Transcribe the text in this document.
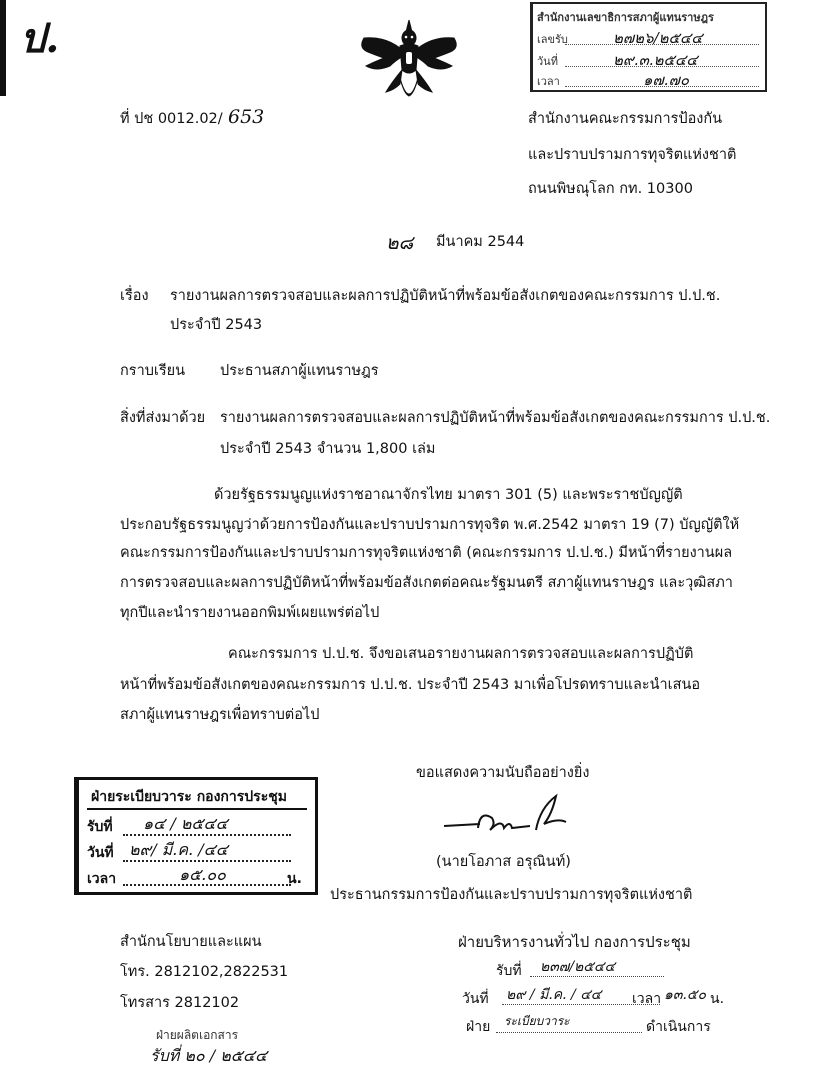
ป.	สำนักงานเลขาธิการสภาผู้แทนราษฎร
เลขรับ	๒๗๒๖/๒๕๔๔
วันที่	๒๙.๓.๒๕๔๔
เวลา	๑๗.๗๐
ที่ ปช 0012.02/ 653	สำนักงานคณะกรรมการป้องกัน
และปราบปรามการทุจริตแห่งชาติ
ถนนพิษณุโลก กท. 10300
๒๘ มีนาคม 2544
เรื่อง รายงานผลการตรวจสอบและผลการปฏิบัติหน้าที่พร้อมข้อสังเกตของคณะกรรมการ ป.ป.ช.
ประจำปี 2543
กราบเรียน ประธานสภาผู้แทนราษฎร
สิ่งที่ส่งมาด้วย รายงานผลการตรวจสอบและผลการปฏิบัติหน้าที่พร้อมข้อสังเกตของคณะกรรมการ ป.ป.ช.
ประจำปี 2543 จำนวน 1,800 เล่ม
ด้วยรัฐธรรมนูญแห่งราชอาณาจักรไทย มาตรา 301 (5) และพระราชบัญญัติ
ประกอบรัฐธรรมนูญว่าด้วยการป้องกันและปราบปรามการทุจริต พ.ศ.2542 มาตรา 19 (7) บัญญัติให้
คณะกรรมการป้องกันและปราบปรามการทุจริตแห่งชาติ (คณะกรรมการ ป.ป.ช.) มีหน้าที่รายงานผล
การตรวจสอบและผลการปฏิบัติหน้าที่พร้อมข้อสังเกตต่อคณะรัฐมนตรี สภาผู้แทนราษฎร และวุฒิสภา
ทุกปีและนำรายงานออกพิมพ์เผยแพร่ต่อไป
คณะกรรมการ ป.ป.ช. จึงขอเสนอรายงานผลการตรวจสอบและผลการปฏิบัติ
หน้าที่พร้อมข้อสังเกตของคณะกรรมการ ป.ป.ช. ประจำปี 2543 มาเพื่อโปรดทราบและนำเสนอ
สภาผู้แทนราษฎรเพื่อทราบต่อไป
ขอแสดงความนับถืออย่างยิ่ง
(นายโอภาส อรุณินท์)
ประธานกรรมการป้องกันและปราบปรามการทุจริตแห่งชาติ
ฝ่ายระเบียบวาระ กองการประชุม
รับที่ ๑๔ / ๒๕๔๔
วันที่ ๒๙/ มี.ค. /๔๔
เวลา	๑๕.๐๐	น.
สำนักนโยบายและแผน
โทร. 2812102,2822531
โทรสาร 2812102
ฝ่ายผลิตเอกสาร
รับที่ ๒๐ / ๒๕๔๔
ฝ่ายบริหารงานทั่วไป กองการประชุม
รับที่ ๒๓๗/๒๕๔๔
วันที่ ๒๙ / มี.ค. / ๔๔ เวลา ๑๓.๕๐ น.
ฝ่าย ระเบียบวาระ	ดำเนินการ
